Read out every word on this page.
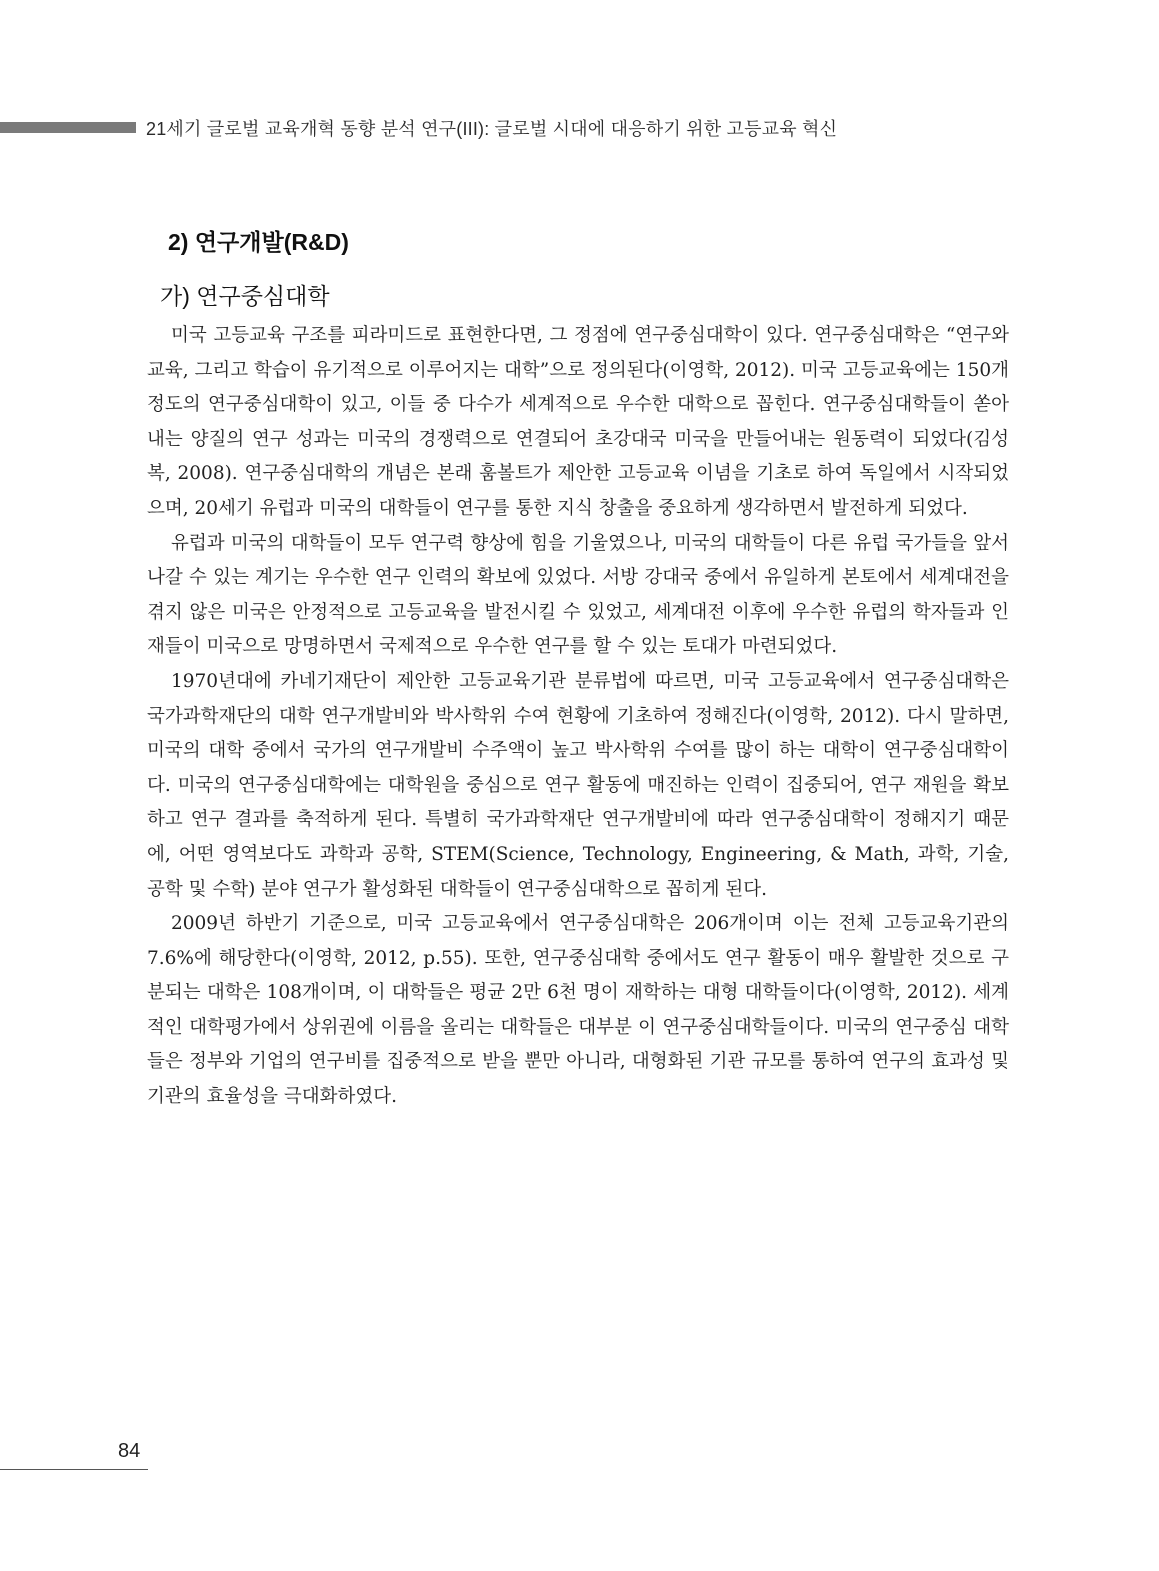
21세기 글로벌 교육개혁 동향 분석 연구(III): 글로벌 시대에 대응하기 위한 고등교육 혁신
2) 연구개발(R&D)
가) 연구중심대학

미국 고등교육 구조를 피라미드로 표현한다면, 그 정점에 연구중심대학이 있다. 연구중심대학은 “연구와 교육, 그리고 학습이 유기적으로 이루어지는 대학”으로 정의된다(이영학, 2012). 미국 고등교육에는 150개 정도의 연구중심대학이 있고, 이들 중 다수가 세계적으로 우수한 대학으로 꼽힌다. 연구중심대학들이 쏟아내는 양질의 연구 성과는 미국의 경쟁력으로 연결되어 초강대국 미국을 만들어내는 원동력이 되었다(김성복, 2008). 연구중심대학의 개념은 본래 훔볼트가 제안한 고등교육 이념을 기초로 하여 독일에서 시작되었으며, 20세기 유럽과 미국의 대학들이 연구를 통한 지식 창출을 중요하게 생각하면서 발전하게 되었다.

유럽과 미국의 대학들이 모두 연구력 향상에 힘을 기울였으나, 미국의 대학들이 다른 유럽 국가들을 앞서나갈 수 있는 계기는 우수한 연구 인력의 확보에 있었다. 서방 강대국 중에서 유일하게 본토에서 세계대전을 겪지 않은 미국은 안정적으로 고등교육을 발전시킬 수 있었고, 세계대전 이후에 우수한 유럽의 학자들과 인재들이 미국으로 망명하면서 국제적으로 우수한 연구를 할 수 있는 토대가 마련되었다.

1970년대에 카네기재단이 제안한 고등교육기관 분류법에 따르면, 미국 고등교육에서 연구중심대학은 국가과학재단의 대학 연구개발비와 박사학위 수여 현황에 기초하여 정해진다(이영학, 2012). 다시 말하면, 미국의 대학 중에서 국가의 연구개발비 수주액이 높고 박사학위 수여를 많이 하는 대학이 연구중심대학이다. 미국의 연구중심대학에는 대학원을 중심으로 연구 활동에 매진하는 인력이 집중되어, 연구 재원을 확보하고 연구 결과를 축적하게 된다. 특별히 국가과학재단 연구개발비에 따라 연구중심대학이 정해지기 때문에, 어떤 영역보다도 과학과 공학, STEM(Science, Technology, Engineering, & Math, 과학, 기술, 공학 및 수학) 분야 연구가 활성화된 대학들이 연구중심대학으로 꼽히게 된다.

2009년 하반기 기준으로, 미국 고등교육에서 연구중심대학은 206개이며 이는 전체 고등교육기관의 7.6%에 해당한다(이영학, 2012, p.55). 또한, 연구중심대학 중에서도 연구 활동이 매우 활발한 것으로 구분되는 대학은 108개이며, 이 대학들은 평균 2만 6천 명이 재학하는 대형 대학들이다(이영학, 2012). 세계적인 대학평가에서 상위권에 이름을 올리는 대학들은 대부분 이 연구중심대학들이다. 미국의 연구중심 대학들은 정부와 기업의 연구비를 집중적으로 받을 뿐만 아니라, 대형화된 기관 규모를 통하여 연구의 효과성 및 기관의 효율성을 극대화하였다.

84
